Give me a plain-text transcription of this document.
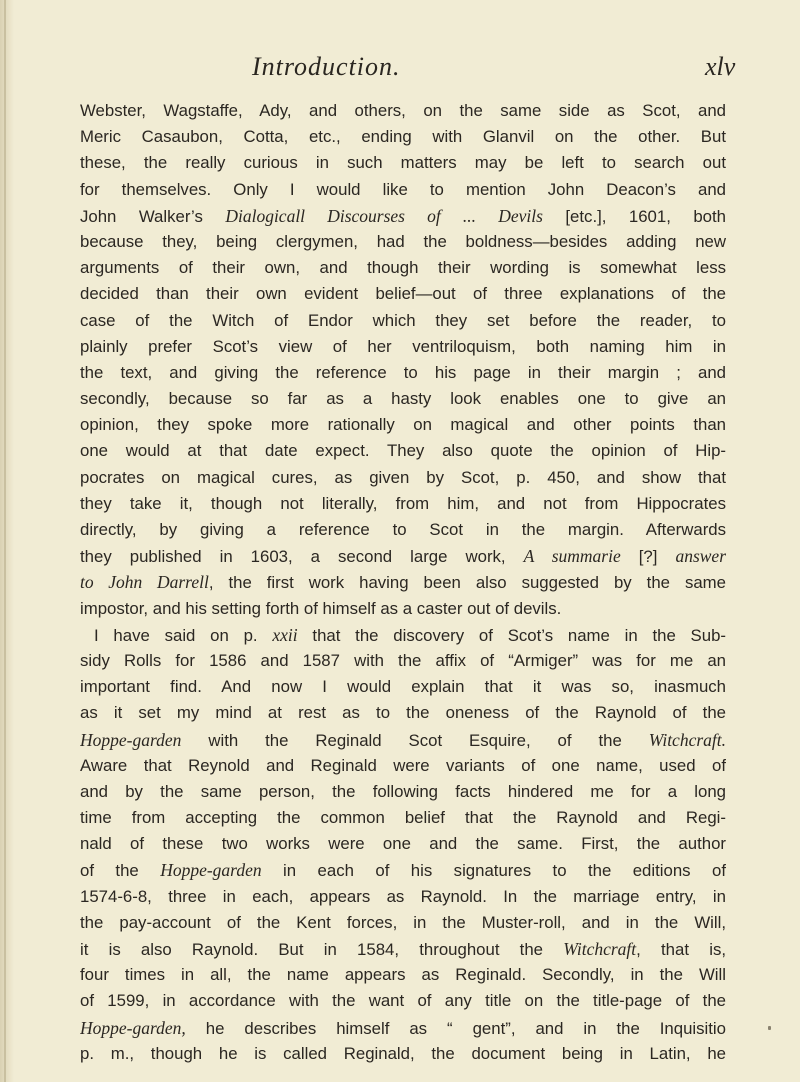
Introduction.	xlv
Webster, Wagstaffe, Ady, and others, on the same side as Scot, and
Meric Casaubon, Cotta, etc., ending with Glanvil on the other. But
these, the really curious in such matters may be left to search out
for themselves. Only I would like to mention John Deacon’s and
John Walker’s Dialogicall Discourses of ... Devils [etc.], 1601, both
because they, being clergymen, had the boldness—besides adding new
arguments of their own, and though their wording is somewhat less
decided than their own evident belief—out of three explanations of the
case of the Witch of Endor which they set before the reader, to
plainly prefer Scot’s view of her ventriloquism, both naming him in
the text, and giving the reference to his page in their margin ; and
secondly, because so far as a hasty look enables one to give an
opinion, they spoke more rationally on magical and other points than
one would at that date expect. They also quote the opinion of Hip-
pocrates on magical cures, as given by Scot, p. 450, and show that
they take it, though not literally, from him, and not from Hippocrates
directly, by giving a reference to Scot in the margin. Afterwards
they published in 1603, a second large work, A summarie [?] answer
to John Darrell, the first work having been also suggested by the same
impostor, and his setting forth of himself as a caster out of devils.
I have said on p. xxii that the discovery of Scot’s name in the Sub-
sidy Rolls for 1586 and 1587 with the affix of “Armiger” was for me an
important find. And now I would explain that it was so, inasmuch
as it set my mind at rest as to the oneness of the Raynold of the
Hoppe-garden with the Reginald Scot Esquire, of the Witchcraft.
Aware that Reynold and Reginald were variants of one name, used of
and by the same person, the following facts hindered me for a long
time from accepting the common belief that the Raynold and Regi-
nald of these two works were one and the same. First, the author
of the Hoppe-garden in each of his signatures to the editions of
1574-6-8, three in each, appears as Raynold. In the marriage entry, in
the pay-account of the Kent forces, in the Muster-roll, and in the Will,
it is also Raynold. But in 1584, throughout the Witchcraft, that is,
four times in all, the name appears as Reginald. Secondly, in the Will
of 1599, in accordance with the want of any title on the title-page of the
Hoppe-garden, he describes himself as “ gent”, and in the Inquisitio
p. m., though he is called Reginald, the document being in Latin, he
